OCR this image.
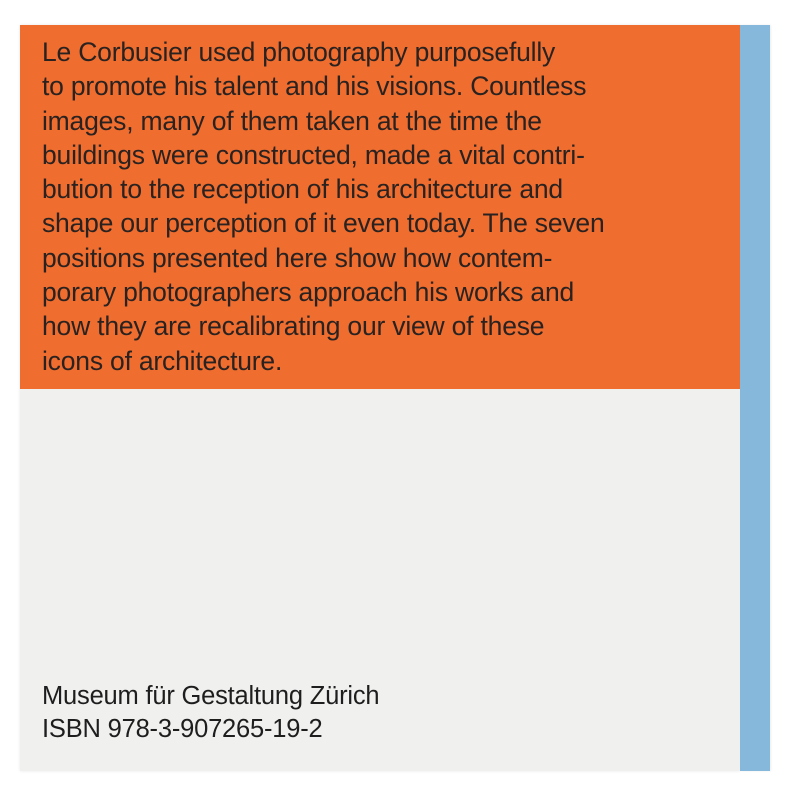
Le Corbusier used photography purposefully
to promote his talent and his visions. Countless
images, many of them taken at the time the
buildings were constructed, made a vital contri-
bution to the reception of his architecture and
shape our perception of it even today. The seven
positions presented here show how contem-
porary photographers approach his works and
how they are recalibrating our view of these
icons of architecture.

Museum für Gestaltung Zürich
ISBN 978-3-907265-19-2
